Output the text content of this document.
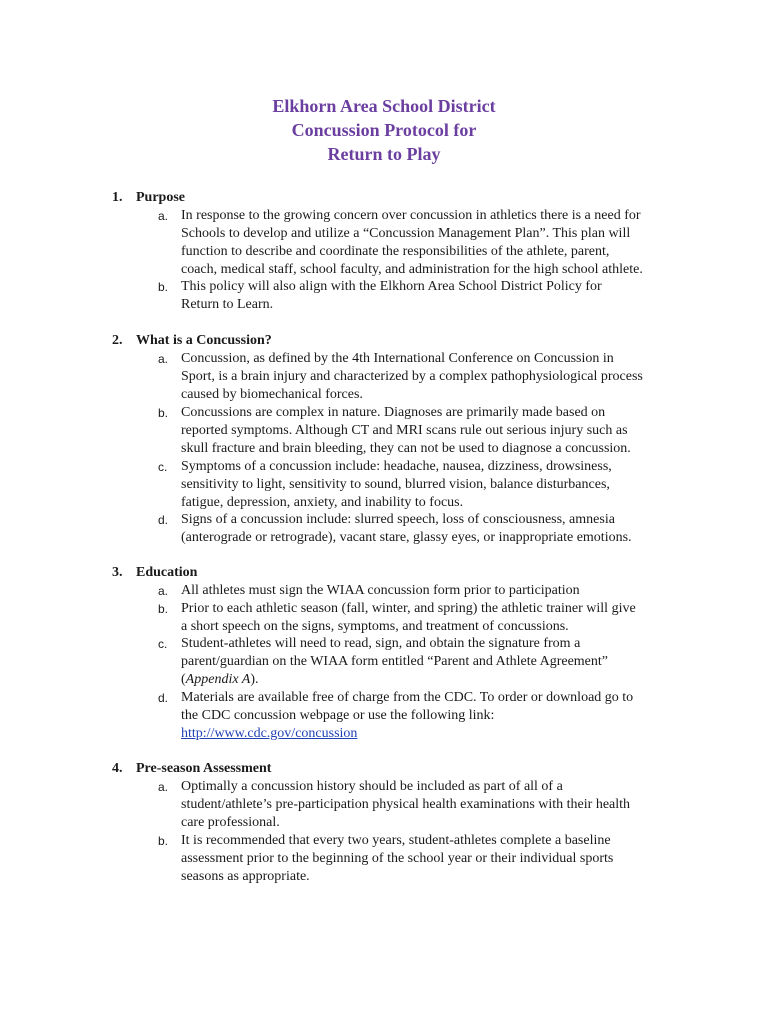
Elkhorn Area School District
Concussion Protocol for
Return to Play
1. Purpose
a. In response to the growing concern over concussion in athletics there is a need for
Schools to develop and utilize a “Concussion Management Plan”. This plan will
function to describe and coordinate the responsibilities of the athlete, parent,
coach, medical staff, school faculty, and administration for the high school athlete.
b. This policy will also align with the Elkhorn Area School District Policy for
Return to Learn.
2. What is a Concussion?
a. Concussion, as defined by the 4th International Conference on Concussion in
Sport, is a brain injury and characterized by a complex pathophysiological process
caused by biomechanical forces.
b. Concussions are complex in nature. Diagnoses are primarily made based on
reported symptoms. Although CT and MRI scans rule out serious injury such as
skull fracture and brain bleeding, they can not be used to diagnose a concussion.
c. Symptoms of a concussion include: headache, nausea, dizziness, drowsiness,
sensitivity to light, sensitivity to sound, blurred vision, balance disturbances,
fatigue, depression, anxiety, and inability to focus.
d. Signs of a concussion include: slurred speech, loss of consciousness, amnesia
(anterograde or retrograde), vacant stare, glassy eyes, or inappropriate emotions.
3. Education
a. All athletes must sign the WIAA concussion form prior to participation
b. Prior to each athletic season (fall, winter, and spring) the athletic trainer will give
a short speech on the signs, symptoms, and treatment of concussions.
c. Student-athletes will need to read, sign, and obtain the signature from a
parent/guardian on the WIAA form entitled “Parent and Athlete Agreement”
(Appendix A).
d. Materials are available free of charge from the CDC. To order or download go to
the CDC concussion webpage or use the following link:
http://www.cdc.gov/concussion
4. Pre-season Assessment
a. Optimally a concussion history should be included as part of all of a
student/athlete’s pre-participation physical health examinations with their health
care professional.
b. It is recommended that every two years, student-athletes complete a baseline
assessment prior to the beginning of the school year or their individual sports
seasons as appropriate.
